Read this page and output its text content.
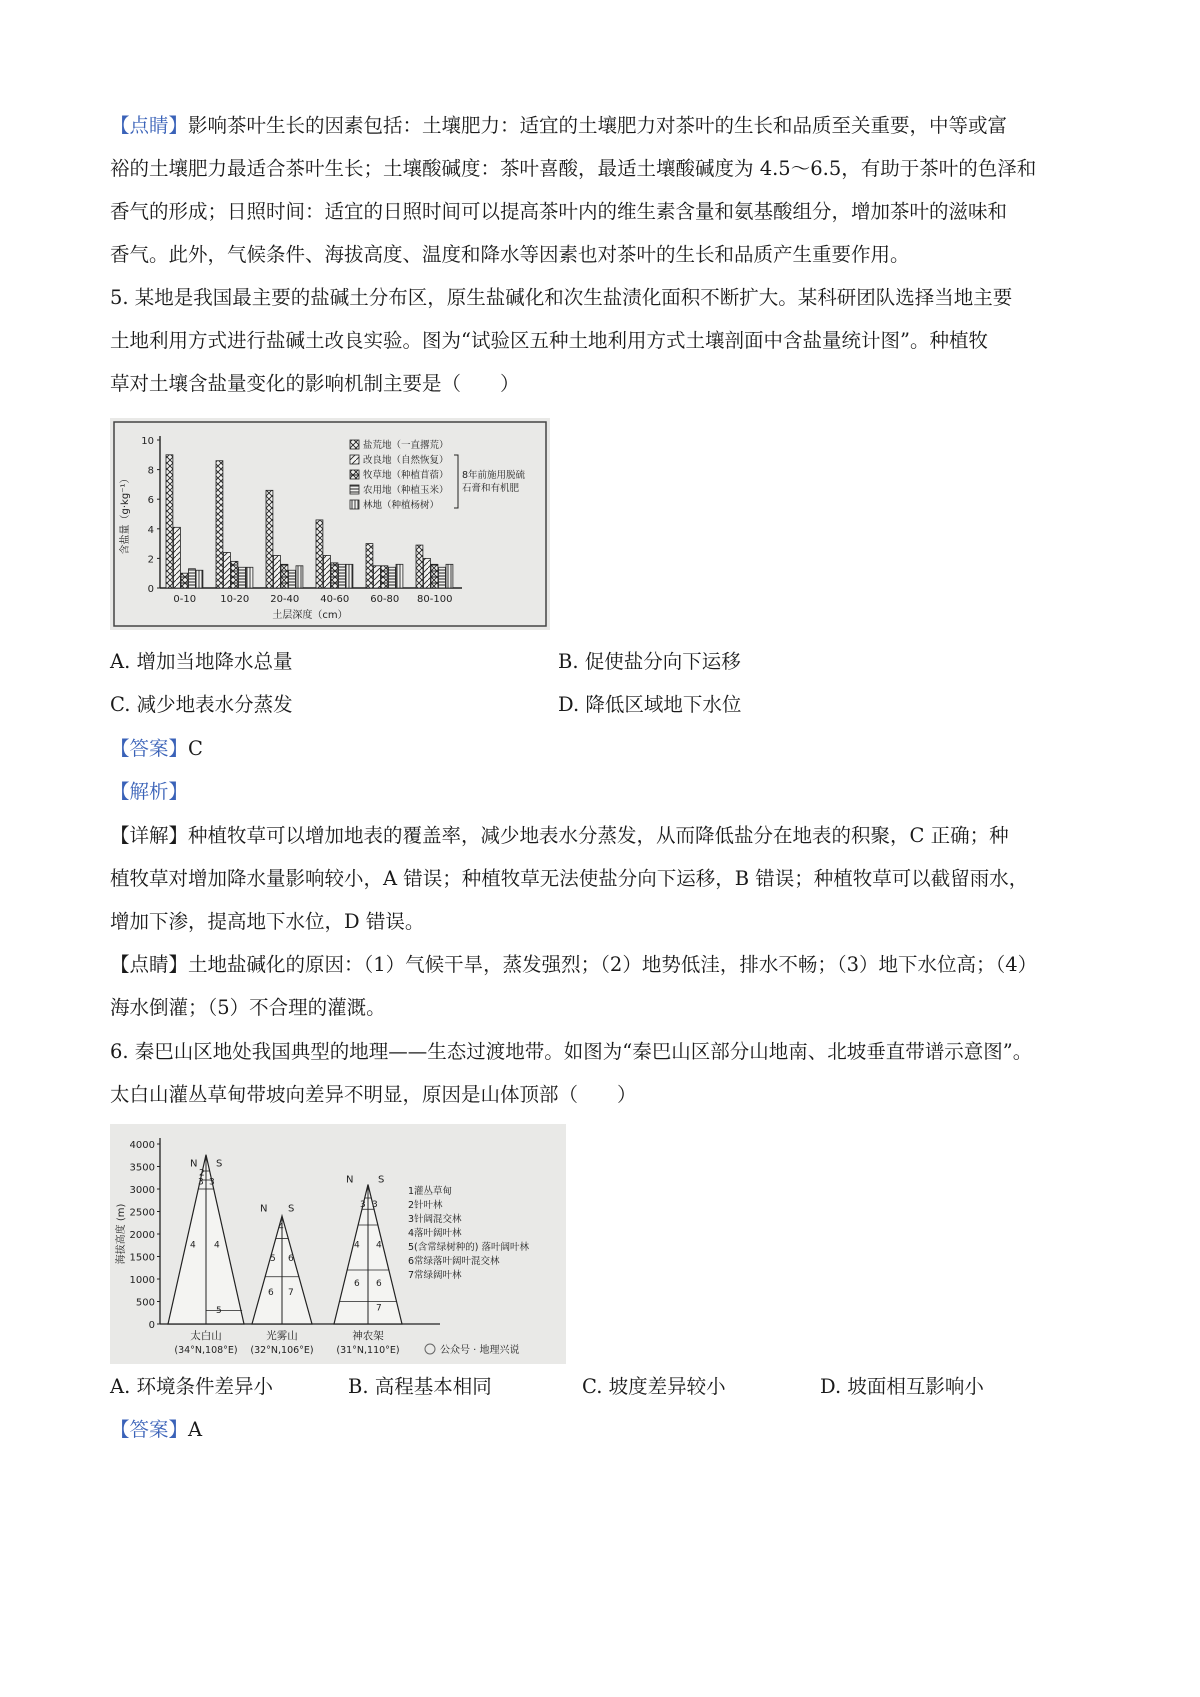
【点睛】影响茶叶生长的因素包括：土壤肥力：适宜的土壤肥力对茶叶的生长和品质至关重要，中等或富
裕的土壤肥力最适合茶叶生长；土壤酸碱度：茶叶喜酸，最适土壤酸碱度为 4.5～6.5，有助于茶叶的色泽和
香气的形成；日照时间：适宜的日照时间可以提高茶叶内的维生素含量和氨基酸组分，增加茶叶的滋味和
香气。此外，气候条件、海拔高度、温度和降水等因素也对茶叶的生长和品质产生重要作用。
5. 某地是我国最主要的盐碱土分布区，原生盐碱化和次生盐渍化面积不断扩大。某科研团队选择当地主要
土地利用方式进行盐碱土改良实验。图为“试验区五种土地利用方式土壤剖面中含盐量统计图”。种植牧
草对土壤含盐量变化的影响机制主要是（　　）
0
2
4
6
8
10
含盐量（g·kg⁻¹）
0-10 10-20 20-40 40-60 60-80 80-100
土层深度（cm）
盐荒地（一直撂荒）
改良地（自然恢复）
牧草地（种植苜蓿）
农用地（种植玉米）
林地（种植杨树）
8年前施用脱硫
石膏和有机肥
A. 增加当地降水总量	B. 促使盐分向下运移
C. 减少地表水分蒸发	D. 降低区域地下水位
【答案】C
【解析】
【详解】种植牧草可以增加地表的覆盖率，减少地表水分蒸发，从而降低盐分在地表的积聚，C 正确；种
植牧草对增加降水量影响较小，A 错误；种植牧草无法使盐分向下运移，B 错误；种植牧草可以截留雨水，
增加下渗，提高地下水位，D 错误。
【点睛】土地盐碱化的原因：（1）气候干旱，蒸发强烈；（2）地势低洼，排水不畅；（3）地下水位高；（4）
海水倒灌；（5）不合理的灌溉。
6. 秦巴山区地处我国典型的地理——生态过渡地带。如图为“秦巴山区部分山地南、北坡垂直带谱示意图”。
太白山灌丛草甸带坡向差异不明显，原因是山体顶部（　　）
0
500
1000
1500
2000
2500
3000
3500
4000
海拔高度 (m)
N S
4 4
3 3
2
5
N S
4
5 6
6 7
N S
3 3
4 4
6 6
7
太白山
(34°N,108°E)
光雾山
(32°N,106°E)
神农架
(31°N,110°E)
1灌丛草甸
2针叶林
3针阔混交林
4落叶阔叶林
5(含常绿树种的) 落叶阔叶林
6常绿落叶阔叶混交林
7常绿阔叶林
公众号 · 地理兴说
A. 环境条件差异小	B. 高程基本相同	C. 坡度差异较小	D. 坡面相互影响小
【答案】A
